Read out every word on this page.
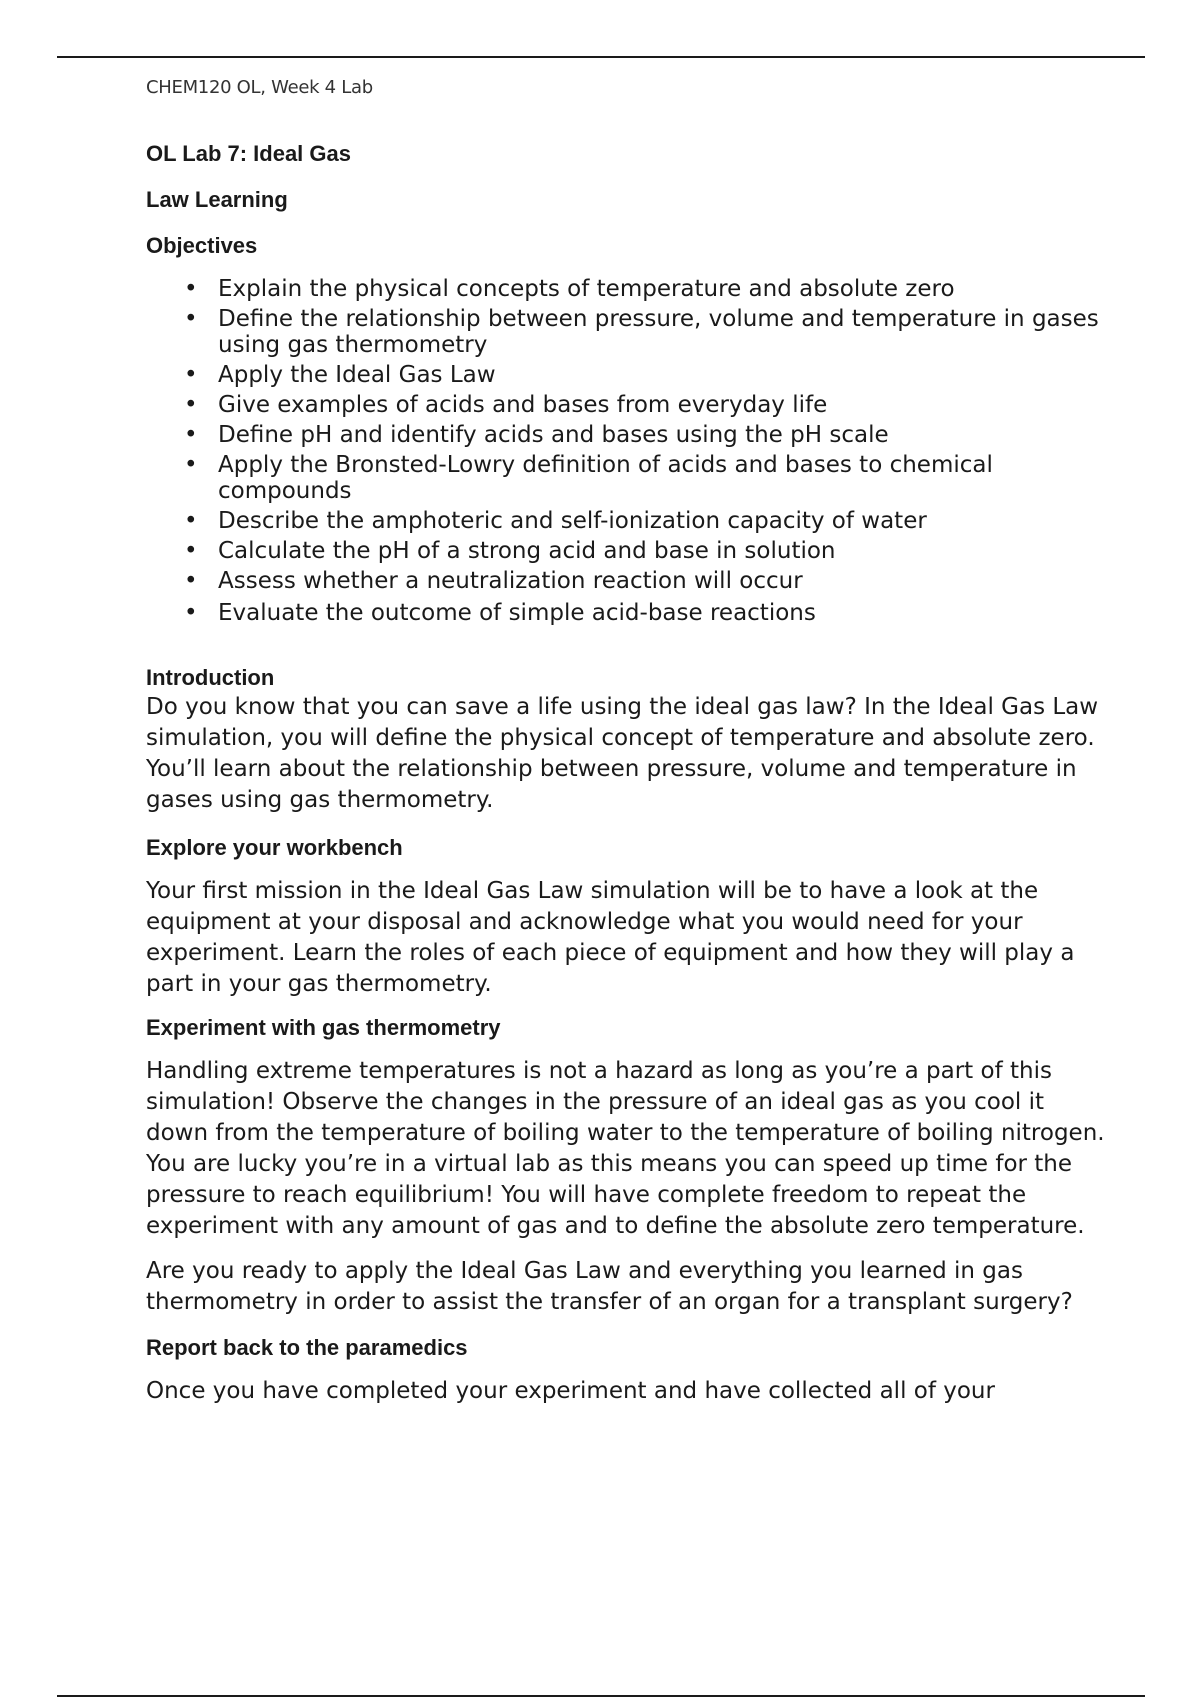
CHEM120 OL, Week 4 Lab

OL Lab 7: Ideal Gas

Law Learning

Objectives

• Explain the physical concepts of temperature and absolute zero
• Define the relationship between pressure, volume and temperature in gases using gas thermometry
• Apply the Ideal Gas Law
• Give examples of acids and bases from everyday life
• Define pH and identify acids and bases using the pH scale
• Apply the Bronsted-Lowry definition of acids and bases to chemical compounds
• Describe the amphoteric and self-ionization capacity of water
• Calculate the pH of a strong acid and base in solution
• Assess whether a neutralization reaction will occur
• Evaluate the outcome of simple acid-base reactions

Introduction

Do you know that you can save a life using the ideal gas law? In the Ideal Gas Law simulation, you will define the physical concept of temperature and absolute zero. You’ll learn about the relationship between pressure, volume and temperature in gases using gas thermometry.

Explore your workbench

Your first mission in the Ideal Gas Law simulation will be to have a look at the equipment at your disposal and acknowledge what you would need for your experiment. Learn the roles of each piece of equipment and how they will play a part in your gas thermometry.

Experiment with gas thermometry

Handling extreme temperatures is not a hazard as long as you’re a part of this simulation! Observe the changes in the pressure of an ideal gas as you cool it down from the temperature of boiling water to the temperature of boiling nitrogen. You are lucky you’re in a virtual lab as this means you can speed up time for the pressure to reach equilibrium! You will have complete freedom to repeat the experiment with any amount of gas and to define the absolute zero temperature.

Are you ready to apply the Ideal Gas Law and everything you learned in gas thermometry in order to assist the transfer of an organ for a transplant surgery?

Report back to the paramedics

Once you have completed your experiment and have collected all of your
